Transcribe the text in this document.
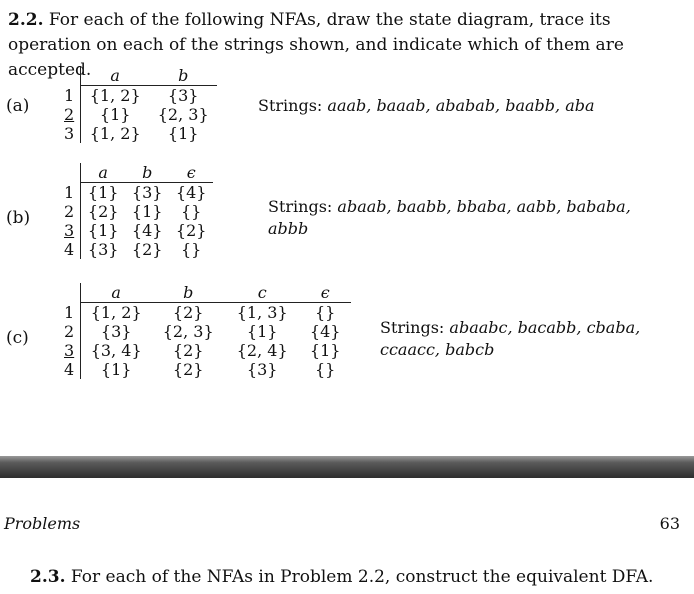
2.2. For each of the following NFAs, draw the state diagram, trace its operation on each of the strings shown, and indicate which of them are accepted.

(a)
	a	b
1	{1, 2}	{3}
2	{1}	{2, 3}
3	{1, 2}	{1}
Strings: aaab, baaab, ababab, baabb, aba
(b)
	a	b	ϵ
1	{1}	{3}	{4}
2	{2}	{1}	{}
3	{1}	{4}	{2}
4	{3}	{2}	{}
Strings: abaab, baabb, bbaba, aabb, bababa, abbb
(c)
	a	b	c	ϵ
1	{1, 2}	{2}	{1, 3}	{}
2	{3}	{2, 3}	{1}	{4}
3	{3, 4}	{2}	{2, 4}	{1}
4	{1}	{2}	{3}	{}
Strings: abaabc, bacabb, cbaba, ccaacc, babcb
Problems	63
2.3. For each of the NFAs in Problem 2.2, construct the equivalent DFA.
